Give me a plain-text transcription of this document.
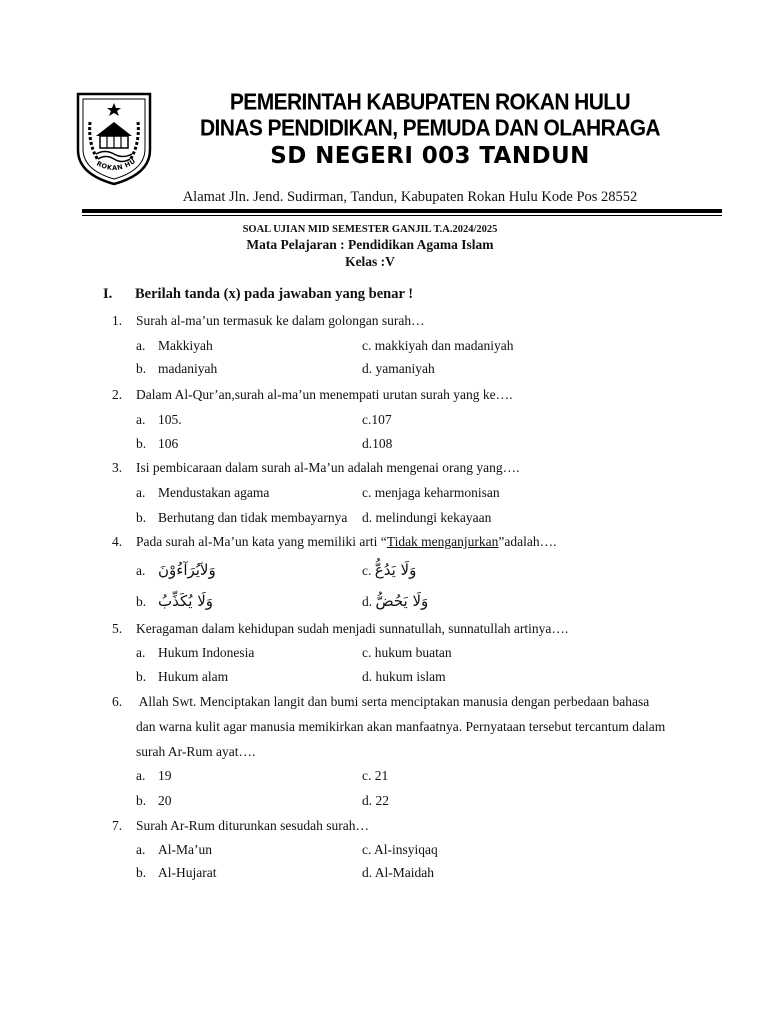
ROKAN HU
PEMERINTAH KABUPATEN ROKAN HULU
DINAS PENDIDIKAN, PEMUDA DAN OLAHRAGA
SD NEGERI 003 TANDUN
Alamat Jln. Jend. Sudirman, Tandun, Kabupaten Rokan Hulu Kode Pos 28552
SOAL UJIAN MID SEMESTER GANJIL T.A.2024/2025
Mata Pelajaran : Pendidikan Agama Islam
Kelas :V
I. Berilah tanda (x) pada jawaban yang benar !
1. Surah al-ma’un termasuk ke dalam golongan surah…
a. Makkiyah
b. madaniyah
c. makkiyah dan madaniyah
d. yamaniyah
2. Dalam Al-Qur’an,surah al-ma’un menempati urutan surah yang ke….
a. 105.
b. 106
c.107
d.108
3. Isi pembicaraan dalam surah al-Ma’un adalah mengenai orang yang….
a. Mendustakan agama
b. Berhutang dan tidak membayarnya
c. menjaga keharmonisan
d. melindungi kekayaan
4. Pada surah al-Ma’un kata yang memiliki arti “Tidak menganjurkan”adalah….
a. وَلاَيُرَآءُوْنَ
b. وَلَا يُكَذِّبُ
c. وَلَا يَدُعُّ
d. وَلَا يَحُضُّ
5. Keragaman dalam kehidupan sudah menjadi sunnatullah, sunnatullah artinya….
a. Hukum Indonesia
b. Hukum alam
c. hukum buatan
d. hukum islam
6. Allah Swt. Menciptakan langit dan bumi serta menciptakan manusia dengan perbedaan bahasa
dan warna kulit agar manusia memikirkan akan manfaatnya. Pernyataan tersebut tercantum dalam
surah Ar-Rum ayat….
a. 19
b. 20
c. 21
d. 22
7. Surah Ar-Rum diturunkan sesudah surah…
a. Al-Ma’un
b. Al-Hujarat
c. Al-insyiqaq
d. Al-Maidah
